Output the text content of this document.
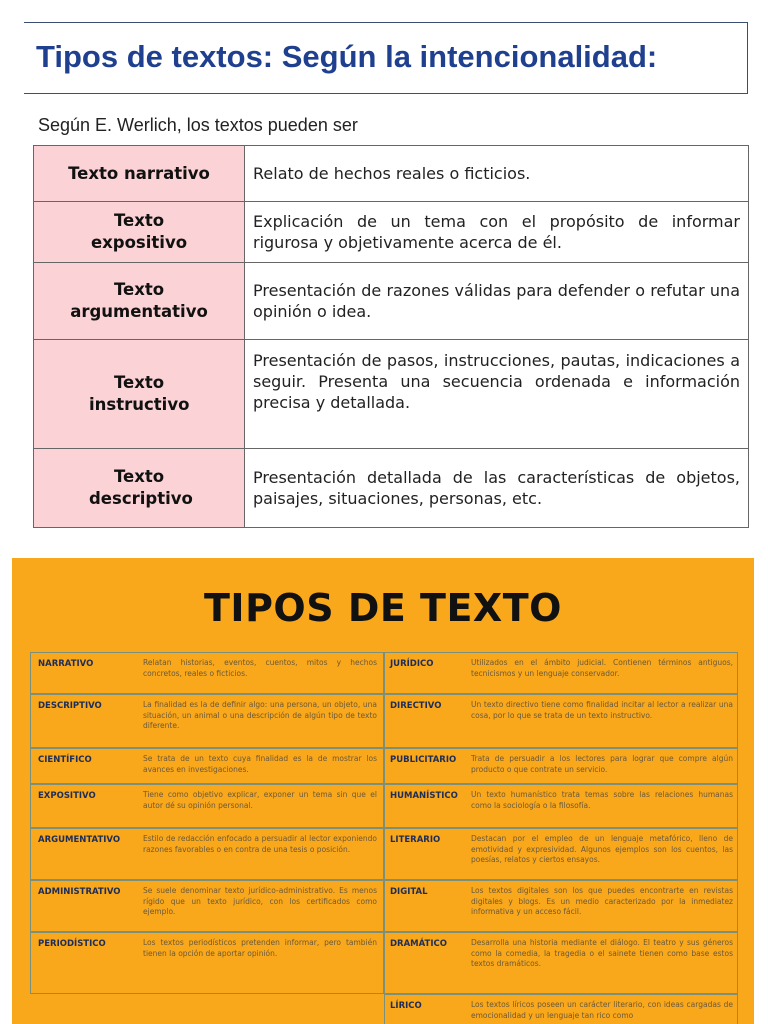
Tipos de textos: Según la intencionalidad:
Según E. Werlich, los textos pueden ser
Texto narrativo	Relato de hechos reales o ficticios.
Texto expositivo	Explicación de un tema con el propósito de informar rigurosa y objetivamente acerca de él.
Texto argumentativo	Presentación de razones válidas para defender o refutar una opinión o idea.
Texto instructivo	Presentación de pasos, instrucciones, pautas, indicaciones a seguir. Presenta una secuencia ordenada e información precisa y detallada.
Texto descriptivo	Presentación detallada de las características de objetos, paisajes, situaciones, personas, etc.
TIPOS DE TEXTO
NARRATIVO	Relatan historias, eventos, cuentos, mitos y hechos concretos, reales o ficticios.
DESCRIPTIVO	La finalidad es la de definir algo: una persona, un objeto, una situación, un animal o una descripción de algún tipo de texto diferente.
CIENTÍFICO	Se trata de un texto cuya finalidad es la de mostrar los avances en investigaciones.
EXPOSITIVO	Tiene como objetivo explicar, exponer un tema sin que el autor dé su opinión personal.
ARGUMENTATIVO	Estilo de redacción enfocado a persuadir al lector exponiendo razones favorables o en contra de una tesis o posición.
ADMINISTRATIVO	Se suele denominar texto jurídico-administrativo. Es menos rígido que un texto jurídico, con los certificados como ejemplo.
PERIODÍSTICO	Los textos periodísticos pretenden informar, pero también tienen la opción de aportar opinión.
JURÍDICO	Utilizados en el ámbito judicial. Contienen términos antiguos, tecnicismos y un lenguaje conservador.
DIRECTIVO	Un texto directivo tiene como finalidad incitar al lector a realizar una cosa, por lo que se trata de un texto instructivo.
PUBLICITARIO Trata de persuadir a los lectores para lograr que compre algún producto o que contrate un servicio.
HUMANÍSTICO Un texto humanístico trata temas sobre las relaciones humanas como la sociología o la filosofía.
LITERARIO	Destacan por el empleo de un lenguaje metafórico, lleno de emotividad y expresividad. Algunos ejemplos son los cuentos, las poesías, relatos y ciertos ensayos.
DIGITAL	Los textos digitales son los que puedes encontrarte en revistas digitales y blogs. Es un medio caracterizado por la inmediatez informativa y un acceso fácil.
DRAMÁTICO	Desarrolla una historia mediante el diálogo. El teatro y sus géneros como la comedia, la tragedia o el sainete tienen como base estos textos dramáticos.
LÍRICO	Los textos líricos poseen un carácter literario, con ideas cargadas de emocionalidad y un lenguaje tan rico como
